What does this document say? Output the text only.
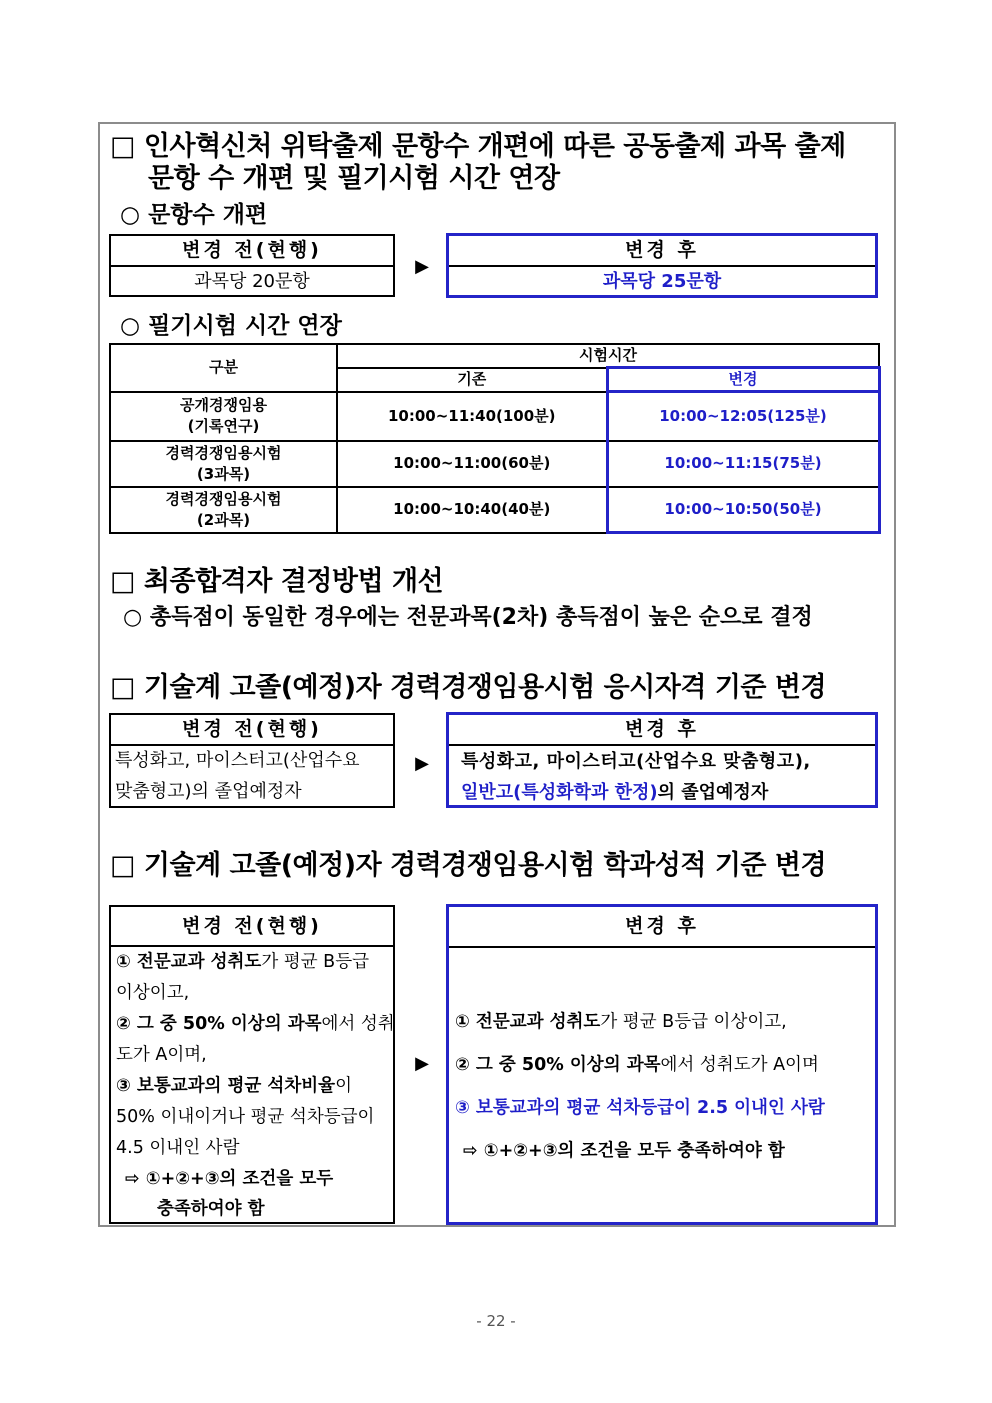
□ 인사혁신처 위탁출제 문항수 개편에 따른 공동출제 과목 출제
문항 수 개편 및 필기시험 시간 연장
○ 문항수 개편
변경 전(현행)
과목당 20문항
▶
변경 후
과목당 25문항
○ 필기시험 시간 연장
구분	시험시간	
	기존	변경
공개경쟁임용
(기록연구)	10:00~11:40(100분)	10:00~12:05(125분)
경력경쟁임용시험
(3과목)	10:00~11:00(60분)	10:00~11:15(75분)
경력경쟁임용시험
(2과목)	10:00~10:40(40분)	10:00~10:50(50분)
□ 최종합격자 결정방법 개선
○ 총득점이 동일한 경우에는 전문과목(2차) 총득점이 높은 순으로 결정
□ 기술계 고졸(예정)자 경력경쟁임용시험 응시자격 기준 변경
변경 전(현행)
특성화고, 마이스터고(산업수요
맞춤형고)의 졸업예정자
▶
변경 후
특성화고, 마이스터고(산업수요 맞춤형고),
일반고(특성화학과 한정)의 졸업예정자
□ 기술계 고졸(예정)자 경력경쟁임용시험 학과성적 기준 변경
변경 전(현행)
① 전문교과 성취도가 평균 B등급
이상이고,
② 그 중 50% 이상의 과목에서 성취
도가 A이며,
③ 보통교과의 평균 석차비율이
50% 이내이거나 평균 석차등급이
4.5 이내인 사람
⇨ ①+②+③의 조건을 모두
충족하여야 함
▶
변경 후
① 전문교과 성취도가 평균 B등급 이상이고,
② 그 중 50% 이상의 과목에서 성취도가 A이며
③ 보통교과의 평균 석차등급이 2.5 이내인 사람
⇨ ①+②+③의 조건을 모두 충족하여야 함
- 22 -
